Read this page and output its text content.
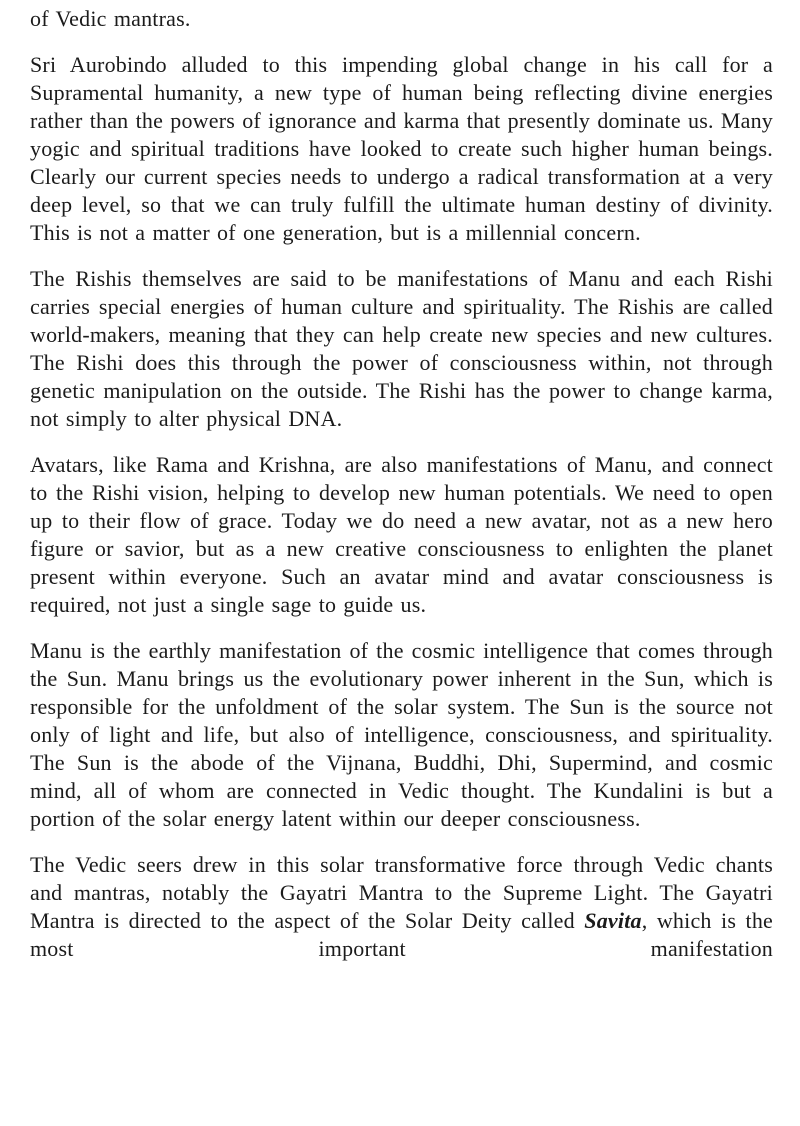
of Vedic mantras.

Sri Aurobindo alluded to this impending global change in his call for a Supramental humanity, a new type of human being reflecting divine energies rather than the powers of ignorance and karma that presently dominate us. Many yogic and spiritual traditions have looked to create such higher human beings. Clearly our current species needs to undergo a radical transformation at a very deep level, so that we can truly fulfill the ultimate human destiny of divinity. This is not a matter of one generation, but is a millennial concern.

The Rishis themselves are said to be manifestations of Manu and each Rishi carries special energies of human culture and spirituality. The Rishis are called world-makers, meaning that they can help create new species and new cultures. The Rishi does this through the power of consciousness within, not through genetic manipulation on the outside. The Rishi has the power to change karma, not simply to alter physical DNA.

Avatars, like Rama and Krishna, are also manifestations of Manu, and connect to the Rishi vision, helping to develop new human potentials. We need to open up to their flow of grace. Today we do need a new avatar, not as a new hero figure or savior, but as a new creative consciousness to enlighten the planet present within everyone. Such an avatar mind and avatar consciousness is required, not just a single sage to guide us.

Manu is the earthly manifestation of the cosmic intelligence that comes through the Sun. Manu brings us the evolutionary power inherent in the Sun, which is responsible for the unfoldment of the solar system. The Sun is the source not only of light and life, but also of intelligence, consciousness, and spirituality. The Sun is the abode of the Vijnana, Buddhi, Dhi, Supermind, and cosmic mind, all of whom are connected in Vedic thought. The Kundalini is but a portion of the solar energy latent within our deeper consciousness.

The Vedic seers drew in this solar transformative force through Vedic chants and mantras, notably the Gayatri Mantra to the Supreme Light. The Gayatri Mantra is directed to the aspect of the Solar Deity called Savita, which is the most important manifestation
